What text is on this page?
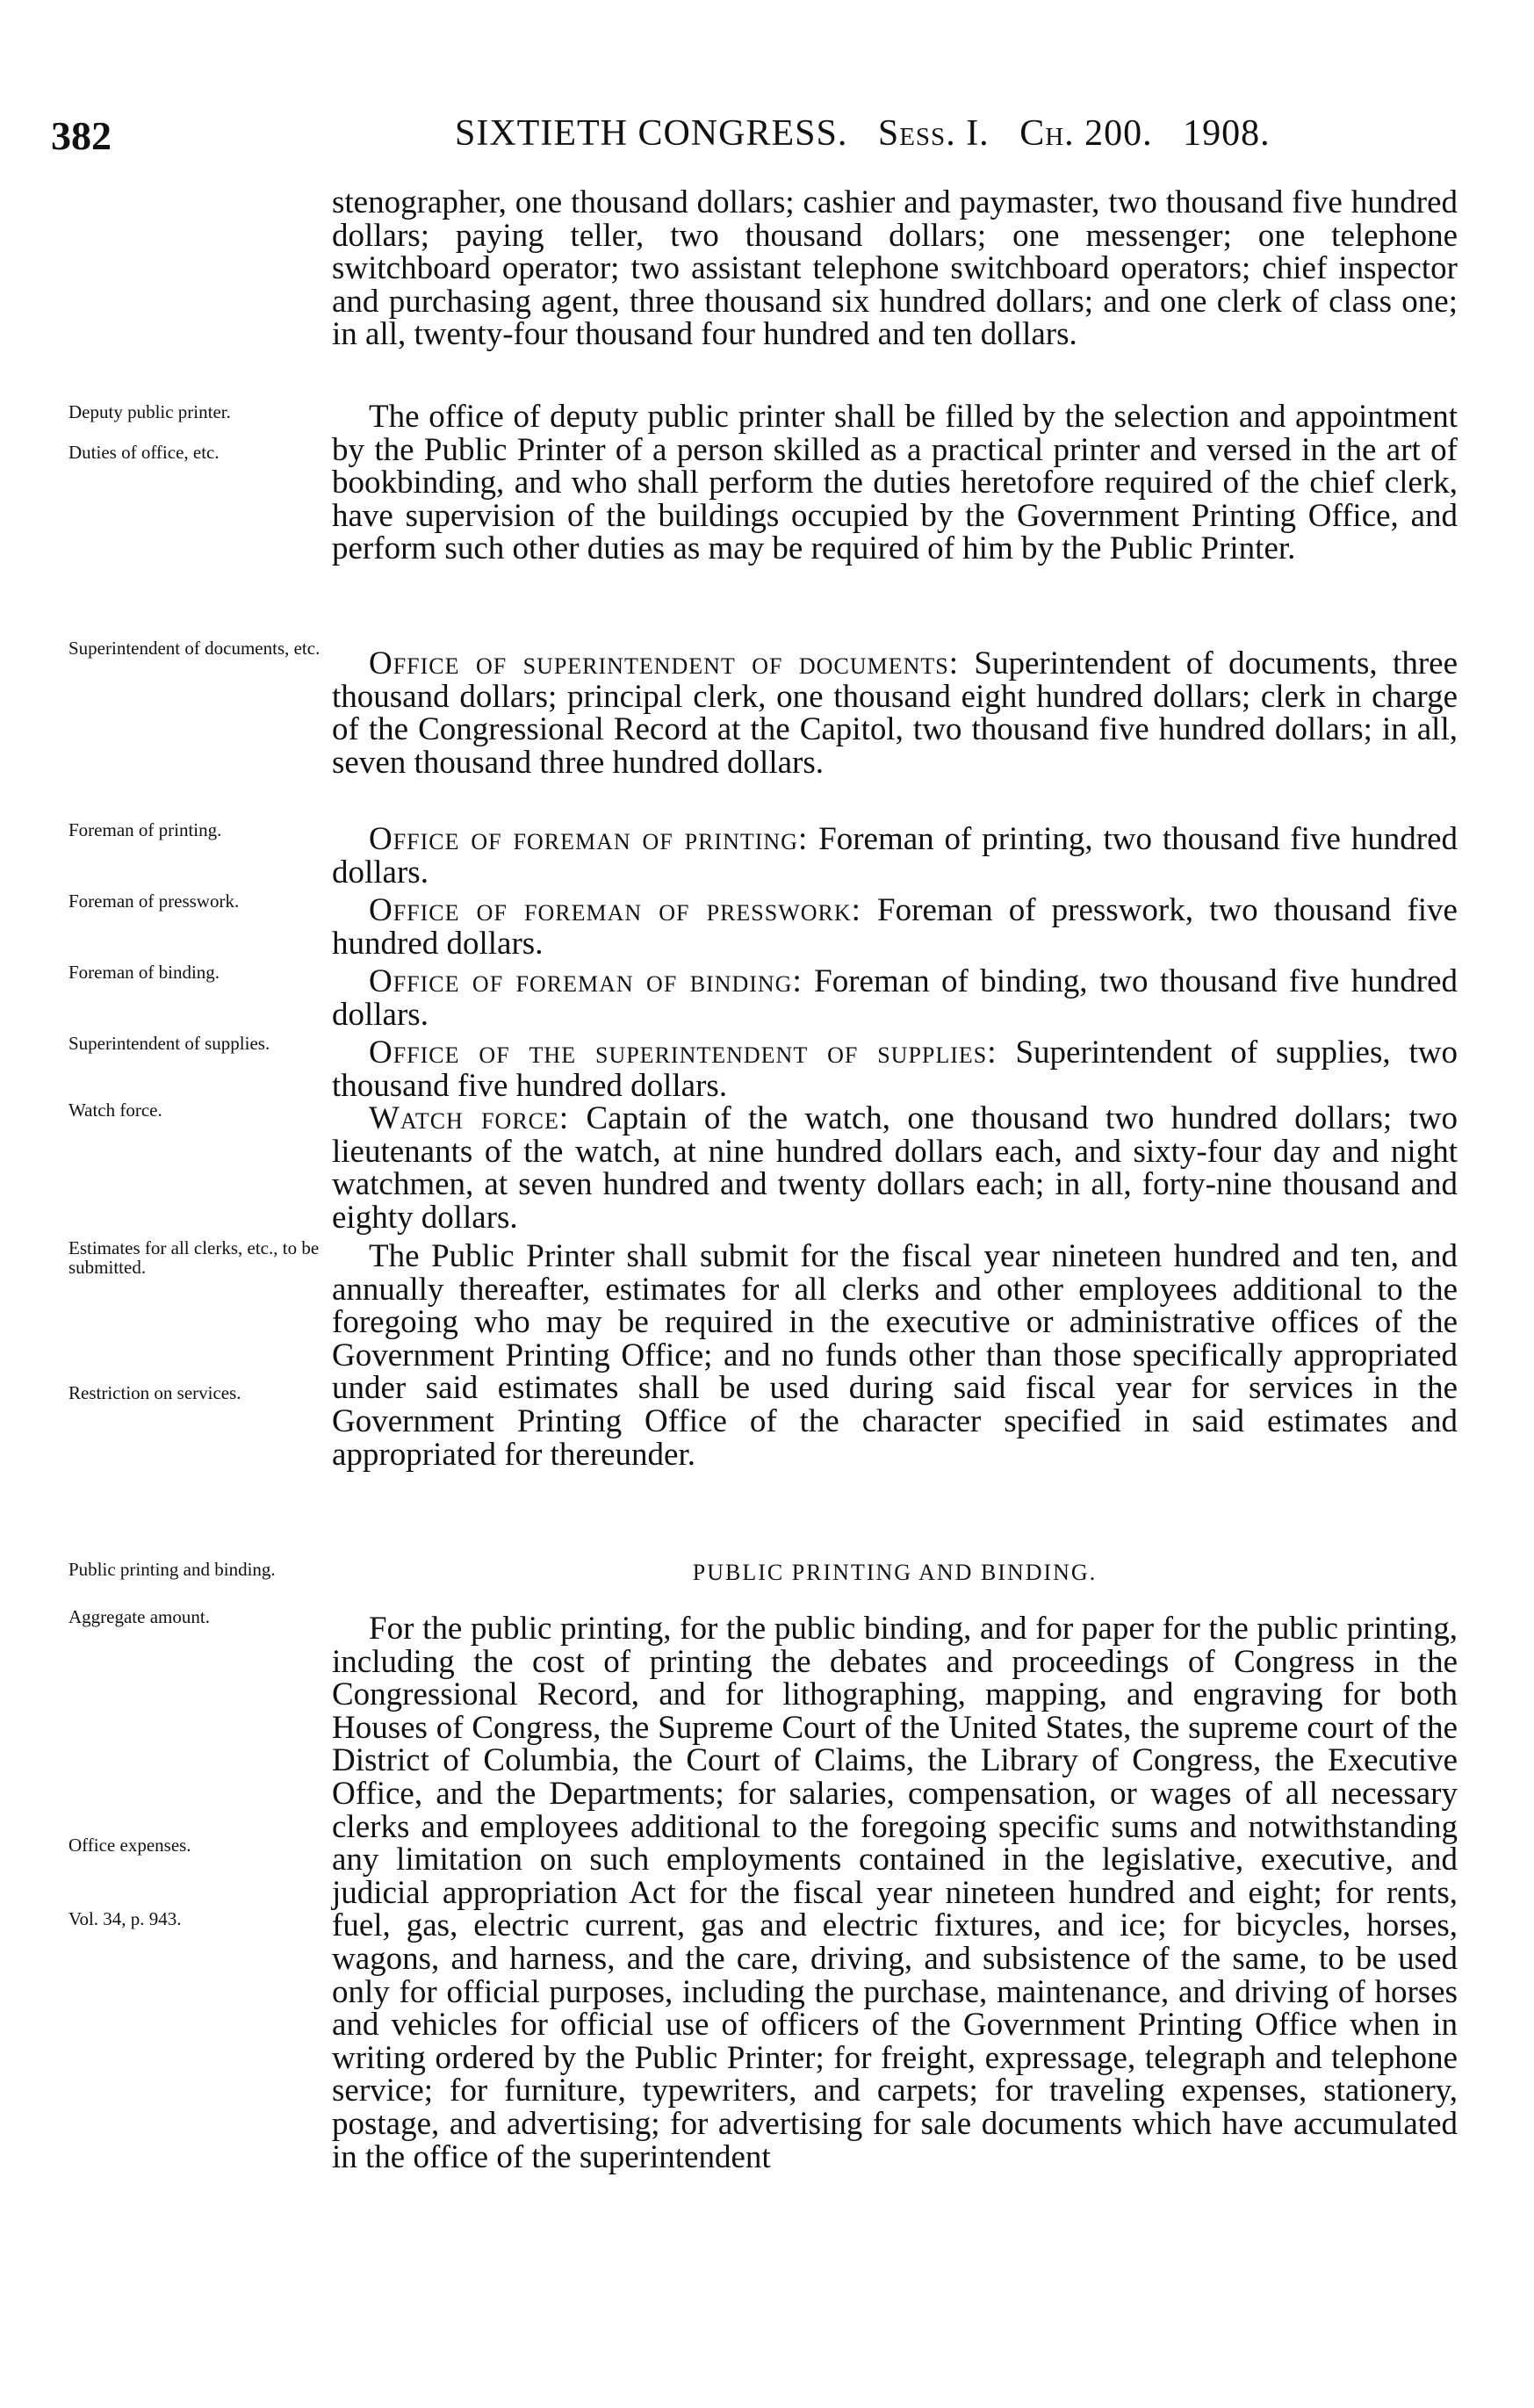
382	SIXTIETH CONGRESS. Sess. I. Ch. 200. 1908.
Deputy public printer.
Duties of office, etc.
Superintendent of documents, etc.
Foreman of printing.
Foreman of presswork.
Foreman of binding.
Superintendent of supplies.
Watch force.
Estimates for all clerks, etc., to be submitted.
Restriction on services.
Public printing and binding.
Aggregate amount.
Office expenses.
Vol. 34, p. 943.

stenographer, one thousand dollars; cashier and paymaster, two thousand five hundred dollars; paying teller, two thousand dollars; one messenger; one telephone switchboard operator; two assistant telephone switchboard operators; chief inspector and purchasing agent, three thousand six hundred dollars; and one clerk of class one; in all, twenty-four thousand four hundred and ten dollars.

The office of deputy public printer shall be filled by the selection and appointment by the Public Printer of a person skilled as a practical printer and versed in the art of bookbinding, and who shall perform the duties heretofore required of the chief clerk, have supervision of the buildings occupied by the Government Printing Office, and perform such other duties as may be required of him by the Public Printer.

Office of superintendent of documents: Superintendent of documents, three thousand dollars; principal clerk, one thousand eight hundred dollars; clerk in charge of the Congressional Record at the Capitol, two thousand five hundred dollars; in all, seven thousand three hundred dollars.

Office of foreman of printing: Foreman of printing, two thousand five hundred dollars.

Office of foreman of presswork: Foreman of presswork, two thousand five hundred dollars.

Office of foreman of binding: Foreman of binding, two thousand five hundred dollars.

Office of the superintendent of supplies: Superintendent of supplies, two thousand five hundred dollars.

Watch force: Captain of the watch, one thousand two hundred dollars; two lieutenants of the watch, at nine hundred dollars each, and sixty-four day and night watchmen, at seven hundred and twenty dollars each; in all, forty-nine thousand and eighty dollars.

The Public Printer shall submit for the fiscal year nineteen hundred and ten, and annually thereafter, estimates for all clerks and other employees additional to the foregoing who may be required in the executive or administrative offices of the Government Printing Office; and no funds other than those specifically appropriated under said estimates shall be used during said fiscal year for services in the Government Printing Office of the character specified in said estimates and appropriated for thereunder.

PUBLIC PRINTING AND BINDING.

For the public printing, for the public binding, and for paper for the public printing, including the cost of printing the debates and proceedings of Congress in the Congressional Record, and for lithographing, mapping, and engraving for both Houses of Congress, the Supreme Court of the United States, the supreme court of the District of Columbia, the Court of Claims, the Library of Congress, the Executive Office, and the Departments; for salaries, compensation, or wages of all necessary clerks and employees additional to the foregoing specific sums and notwithstanding any limitation on such employments contained in the legislative, executive, and judicial appropriation Act for the fiscal year nineteen hundred and eight; for rents, fuel, gas, electric current, gas and electric fixtures, and ice; for bicycles, horses, wagons, and harness, and the care, driving, and subsistence of the same, to be used only for official purposes, including the purchase, maintenance, and driving of horses and vehicles for official use of officers of the Government Printing Office when in writing ordered by the Public Printer; for freight, expressage, telegraph and telephone service; for furniture, typewriters, and carpets; for traveling expenses, stationery, postage, and advertising; for advertising for sale documents which have accumulated in the office of the superintendent
